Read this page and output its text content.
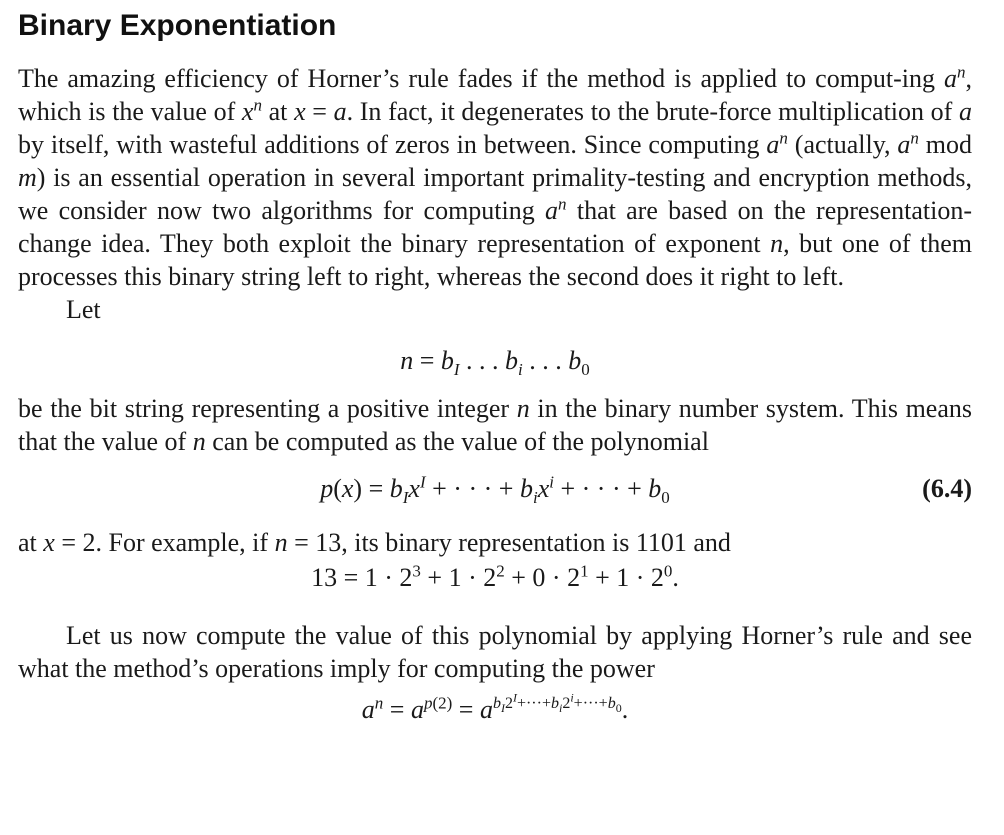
Binary Exponentiation

The amazing efficiency of Horner’s rule fades if the method is applied to comput-ing $a^n$, which is the value of $x^n$ at x = a. In fact, it degenerates to the brute-force multiplication of a by itself, with wasteful additions of zeros in between. Since computing $a^n$ (actually, $a^n$ mod m) is an essential operation in several important primality-testing and encryption methods, we consider now two algorithms for computing $a^n$ that are based on the representation-change idea. They both exploit the binary representation of exponent n, but one of them processes this binary string left to right, whereas the second does it right to left.

Let

$n = b_I$ . . . $b_i$ . . . $b_0$

be the bit string representing a positive integer n in the binary number system. This means that the value of n can be computed as the value of the polynomial

$p(x) = b_Ix^I$ + · · · + $b_ix^i$ + · · · + $b_0$	(6.4)

at x = 2. For example, if n = 13, its binary representation is 1101 and

$13 = 1 \cdot 2^3 + 1 \cdot 2^2 + 0 \cdot 2^1 + 1 \cdot 2^0$.

Let us now compute the value of this polynomial by applying Horner’s rule and see what the method’s operations imply for computing the power

$a^n = a^{p(2)} = a^{b_I2^I+\cdot\cdot\cdot+b_i2^i+\cdot\cdot\cdot+b_0}$.
